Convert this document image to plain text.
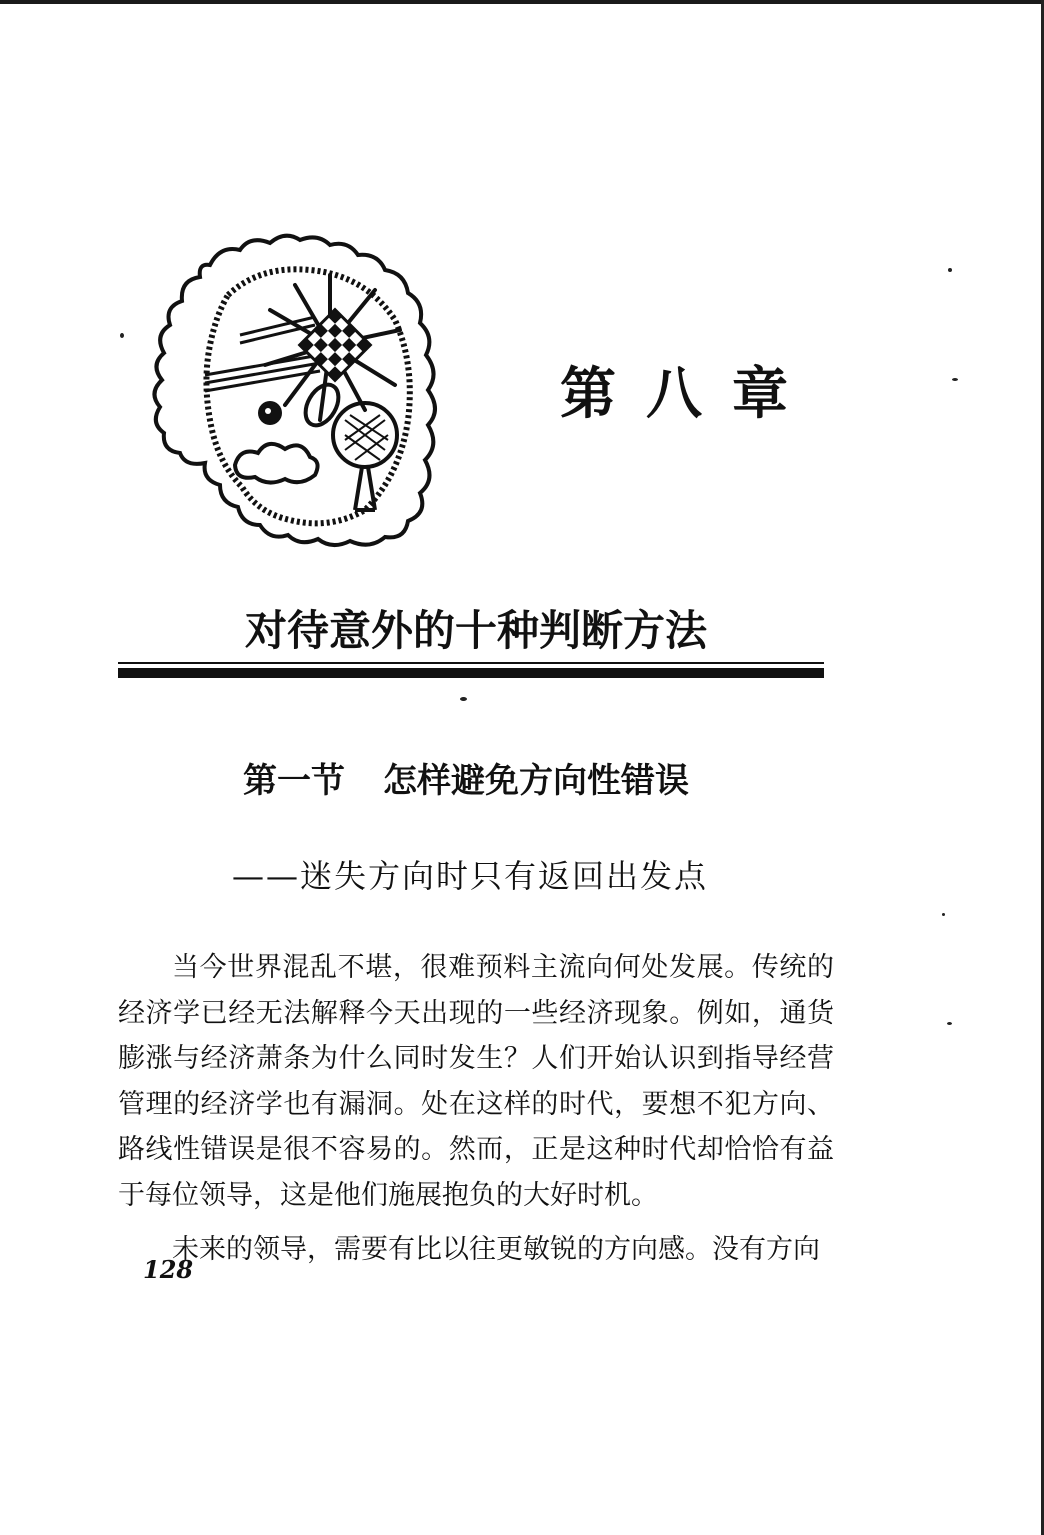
第八章
对待意外的十种判断方法
第一节 怎样避免方向性错误
——迷失方向时只有返回出发点

当今世界混乱不堪，很难预料主流向何处发展。传统的经济学已经无法解释今天出现的一些经济现象。例如，通货膨涨与经济萧条为什么同时发生？人们开始认识到指导经营管理的经济学也有漏洞。处在这样的时代，要想不犯方向、路线性错误是很不容易的。然而，正是这种时代却恰恰有益于每位领导，这是他们施展抱负的大好时机。

未来的领导，需要有比以往更敏锐的方向感。没有方向

128
